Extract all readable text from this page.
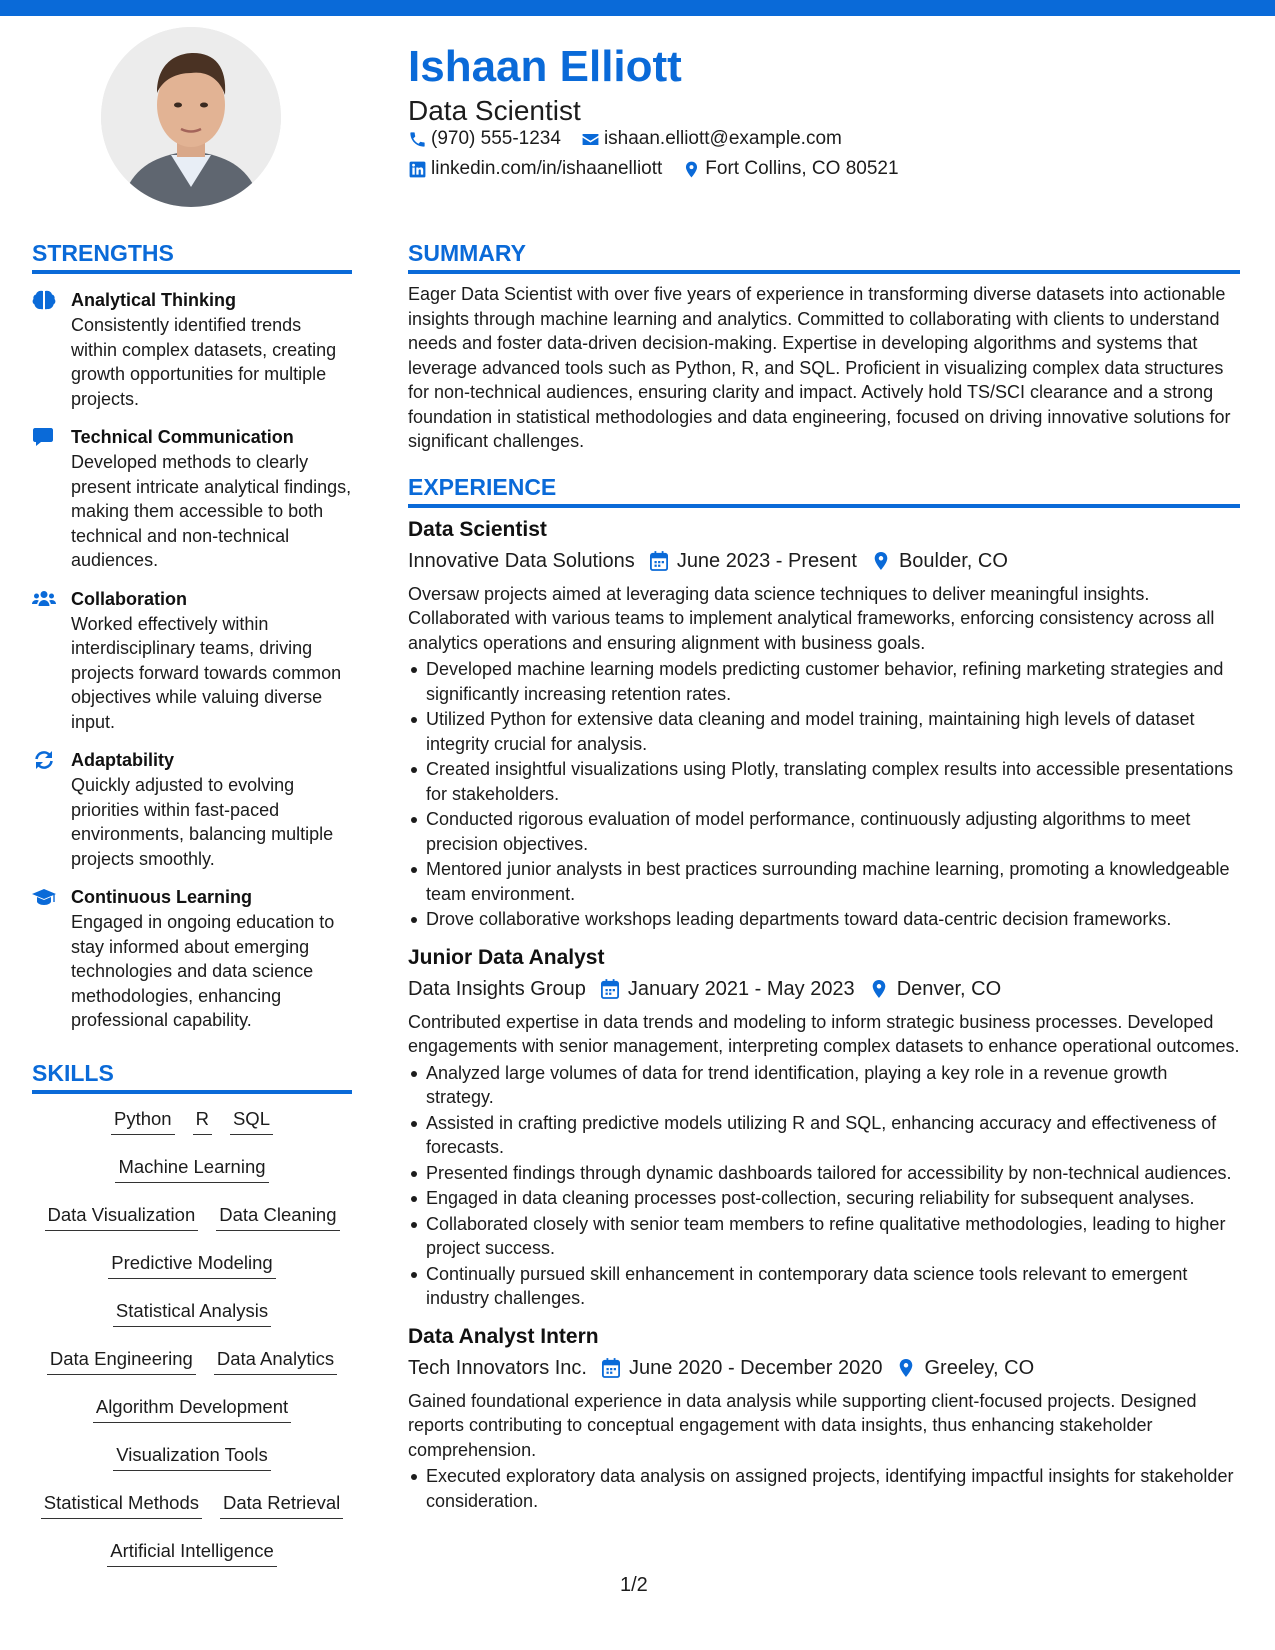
Ishaan Elliott
Data Scientist
(970) 555-1234 ishaan.elliott@example.com
linkedin.com/in/ishaanelliott Fort Collins, CO 80521
STRENGTHS
Analytical Thinking
Consistently identified trends within complex datasets, creating growth opportunities for multiple projects.
Technical Communication
Developed methods to clearly present intricate analytical findings, making them accessible to both technical and non-technical audiences.
Collaboration
Worked effectively within interdisciplinary teams, driving projects forward towards common objectives while valuing diverse input.
Adaptability
Quickly adjusted to evolving priorities within fast-paced environments, balancing multiple projects smoothly.
Continuous Learning
Engaged in ongoing education to stay informed about emerging technologies and data science methodologies, enhancing professional capability.
SKILLS
Python R SQL
Machine Learning
Data Visualization Data Cleaning
Predictive Modeling
Statistical Analysis
Data Engineering Data Analytics
Algorithm Development
Visualization Tools
Statistical Methods Data Retrieval
Artificial Intelligence
SUMMARY
Eager Data Scientist with over five years of experience in transforming diverse datasets into actionable insights through machine learning and analytics. Committed to collaborating with clients to understand needs and foster data-driven decision-making. Expertise in developing algorithms and systems that leverage advanced tools such as Python, R, and SQL. Proficient in visualizing complex data structures for non-technical audiences, ensuring clarity and impact. Actively hold TS/SCI clearance and a strong foundation in statistical methodologies and data engineering, focused on driving innovative solutions for significant challenges.
EXPERIENCE
Data Scientist
Innovative Data Solutions June 2023 - Present Boulder, CO
Oversaw projects aimed at leveraging data science techniques to deliver meaningful insights. Collaborated with various teams to implement analytical frameworks, enforcing consistency across all analytics operations and ensuring alignment with business goals.
Developed machine learning models predicting customer behavior, refining marketing strategies and significantly increasing retention rates.
Utilized Python for extensive data cleaning and model training, maintaining high levels of dataset integrity crucial for analysis.
Created insightful visualizations using Plotly, translating complex results into accessible presentations for stakeholders.
Conducted rigorous evaluation of model performance, continuously adjusting algorithms to meet precision objectives.
Mentored junior analysts in best practices surrounding machine learning, promoting a knowledgeable team environment.
Drove collaborative workshops leading departments toward data-centric decision frameworks.
Junior Data Analyst
Data Insights Group January 2021 - May 2023 Denver, CO
Contributed expertise in data trends and modeling to inform strategic business processes. Developed engagements with senior management, interpreting complex datasets to enhance operational outcomes.
Analyzed large volumes of data for trend identification, playing a key role in a revenue growth strategy.
Assisted in crafting predictive models utilizing R and SQL, enhancing accuracy and effectiveness of forecasts.
Presented findings through dynamic dashboards tailored for accessibility by non-technical audiences.
Engaged in data cleaning processes post-collection, securing reliability for subsequent analyses.
Collaborated closely with senior team members to refine qualitative methodologies, leading to higher project success.
Continually pursued skill enhancement in contemporary data science tools relevant to emergent industry challenges.
Data Analyst Intern
Tech Innovators Inc. June 2020 - December 2020 Greeley, CO
Gained foundational experience in data analysis while supporting client-focused projects. Designed reports contributing to conceptual engagement with data insights, thus enhancing stakeholder comprehension.
Executed exploratory data analysis on assigned projects, identifying impactful insights for stakeholder consideration.
1/2
